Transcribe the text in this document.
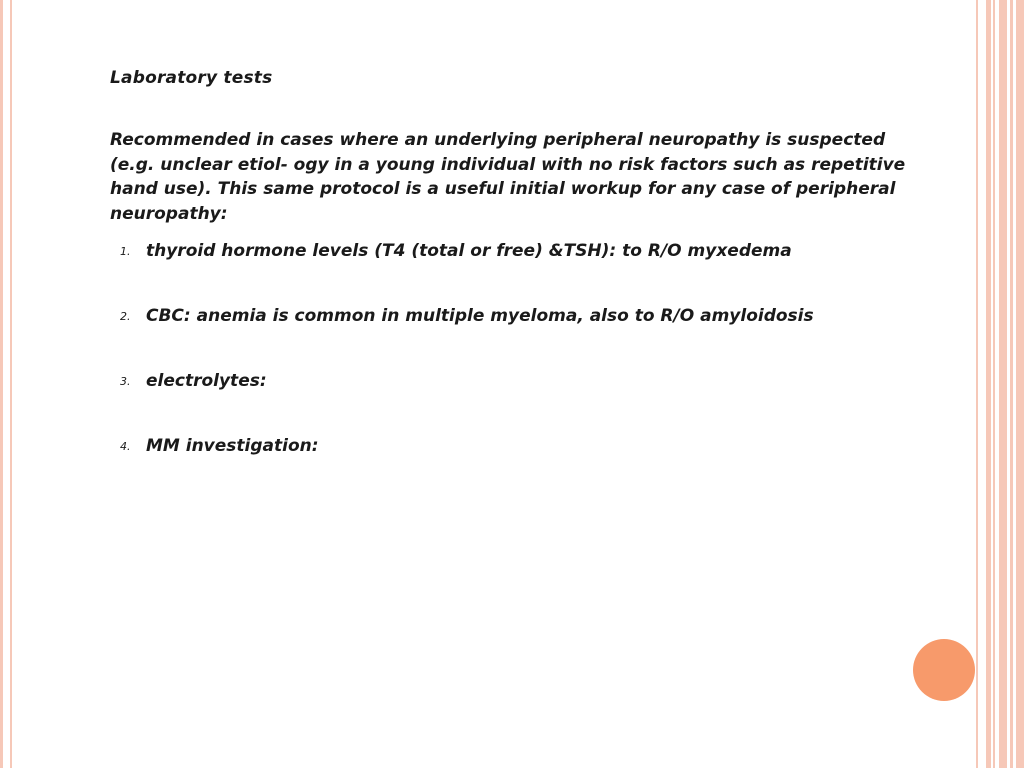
Laboratory tests
Recommended in cases where an underlying peripheral neuropathy is suspected (e.g. unclear etiol- ogy in a young individual with no risk factors such as repetitive hand use). This same protocol is a useful initial workup for any case of peripheral neuropathy:
1. thyroid hormone levels (T4 (total or free) &TSH): to R/O myxedema
2. CBC: anemia is common in multiple myeloma, also to R/O amyloidosis
3. electrolytes:
4. MM investigation:
